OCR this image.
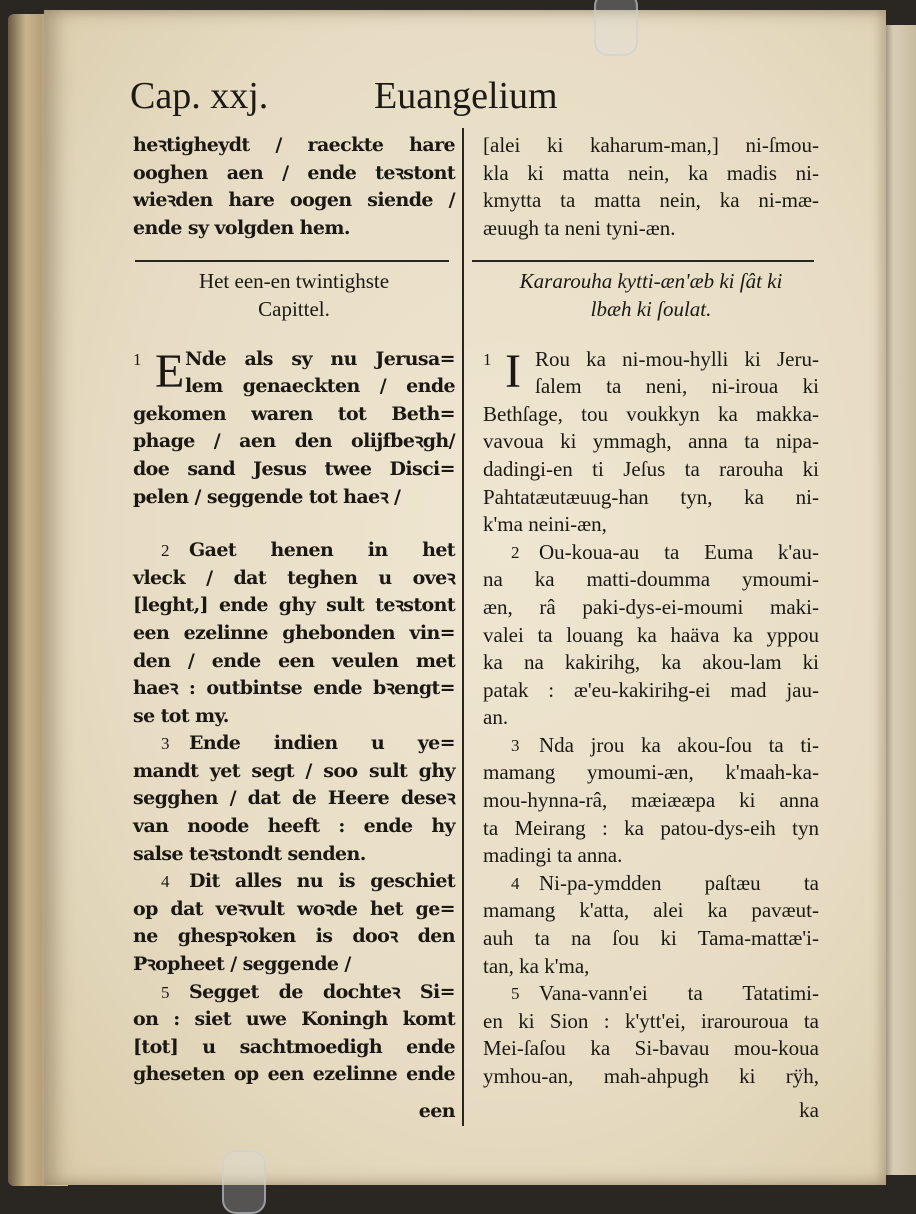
Cap. xxj.	Euangelium
heꝛtigheydt / raeckte hare
ooghen aen / ende teꝛstont
wieꝛden hare oogen siende /
ende sy volgden hem.
Het een-en twintighste
Capittel.
E
1	Nde als sy nu Jerusa=
lem genaeckten / ende
gekomen waren tot Beth=
phage / aen den olijfbeꝛgh/
doe sand Jesus twee Disci=
pelen / seggende tot haeꝛ /
2	Gaet henen in het
vleck / dat teghen u oveꝛ
[leght,] ende ghy sult teꝛstont
een ezelinne ghebonden vin=
den / ende een veulen met
haeꝛ : outbintse ende bꝛengt=
se tot my.
3	Ende indien u ye=
mandt yet segt / soo sult ghy
segghen / dat de Heere deseꝛ
van noode heeft : ende hy
salse teꝛstondt senden.
4	Dit alles nu is geschiet
op dat veꝛvult woꝛde het ge=
ne ghespꝛoken is dooꝛ den
Pꝛopheet / seggende /
5	Segget de dochteꝛ Si=
on : siet uwe Koningh komt
[tot] u sachtmoedigh ende
gheseten op een ezelinne ende
[alei ki kaharum-man,] ni-ſmou-
kla ki matta nein, ka madis ni-
kmytta ta matta nein, ka ni-mæ-
æuugh ta neni tyni-æn.
Kararouha kytti-æn'æb ki ſât ki
lbæh ki ſoulat.
I
1	Rou ka ni-mou-hylli ki Jeru-
ſalem ta neni, ni-iroua ki
Bethſage, tou voukkyn ka makka-
vavoua ki ymmagh, anna ta nipa-
dadingi-en ti Jeſus ta rarouha ki
Pahtatæutæuug-han tyn, ka ni-
k'ma neini-æn,
2 Ou-koua-au ta Euma k'au-
na ka matti-doumma ymoumi-
æn, râ paki-dys-ei-moumi maki-
valei ta louang ka haäva ka yppou
ka na kakirihg, ka akou-lam ki
patak : æ'eu-kakirihg-ei mad jau-
an.
3 Nda jrou ka akou-ſou ta ti-
mamang ymoumi-æn, k'maah-ka-
mou-hynna-râ, mæiææpa ki anna
ta Meirang : ka patou-dys-eih tyn
madingi ta anna.
4 Ni-pa-ymdden paſtæu ta
mamang k'atta, alei ka pavæut-
auh ta na ſou ki Tama-mattæ'i-
tan, ka k'ma,
5 Vana-vann'ei ta Tatatimi-
en ki Sion : k'ytt'ei, irarouroua ta
Mei-ſaſou ka Si-bavau mou-koua
ymhou-an, mah-ahpugh ki rÿh,
een	ka
